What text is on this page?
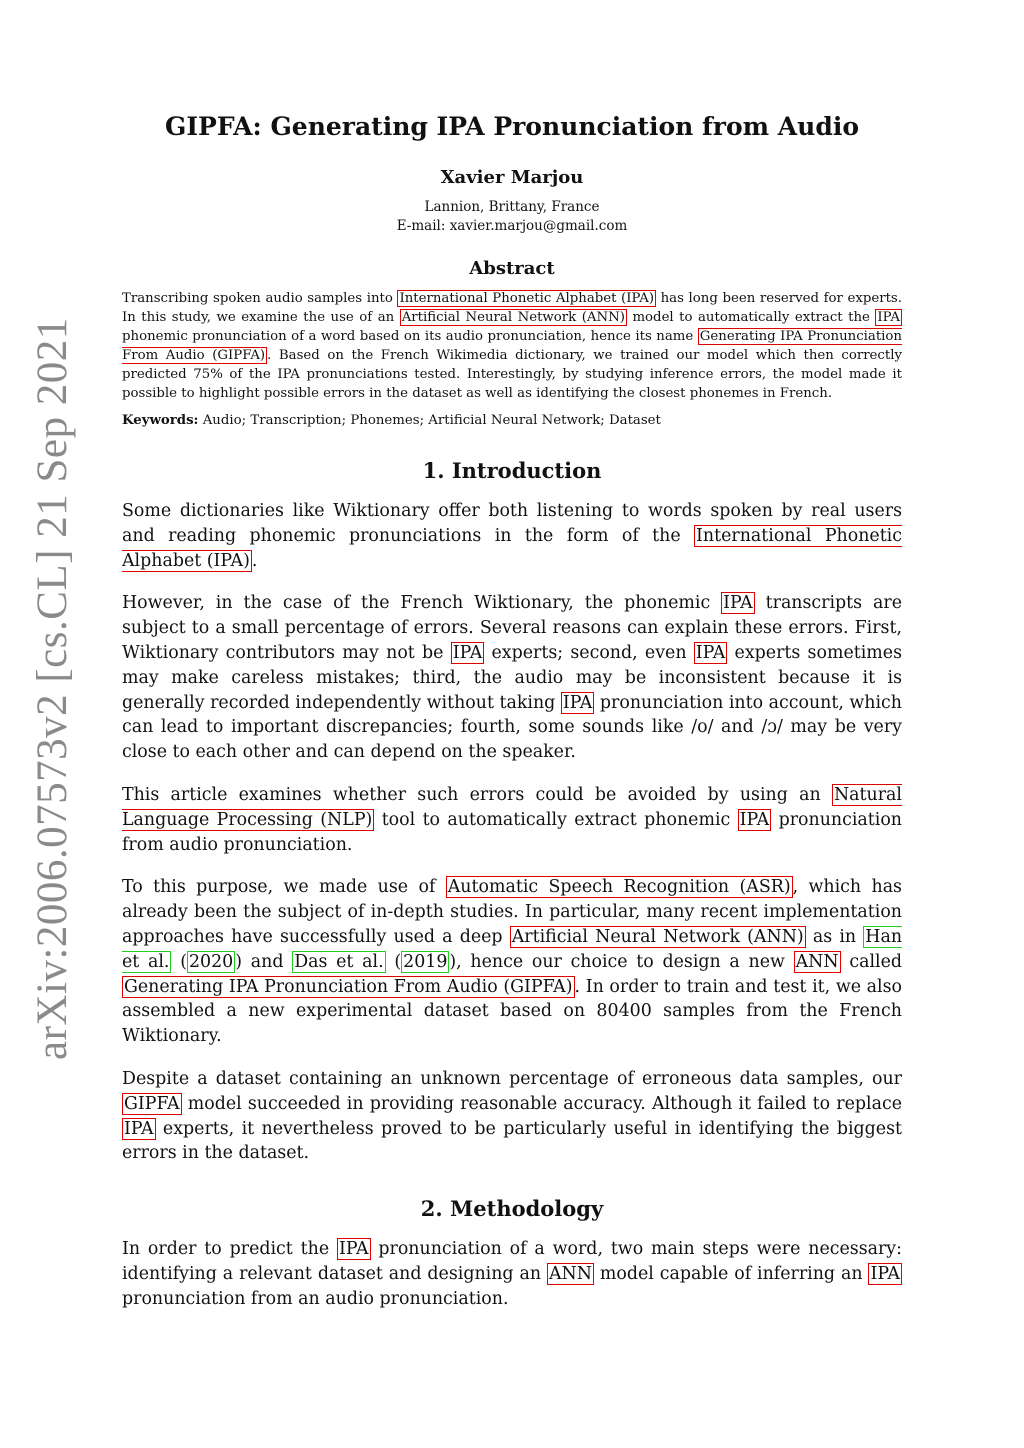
arXiv:2006.07573v2 [cs.CL] 21 Sep 2021
GIPFA: Generating IPA Pronunciation from Audio
Xavier Marjou
Lannion, Brittany, France
E-mail: xavier.marjou@gmail.com
Abstract
Transcribing spoken audio samples into International Phonetic Alphabet (IPA) has long been reserved for experts. In this study, we examine the use of an Artificial Neural Network (ANN) model to automatically extract the IPA phonemic pronunciation of a word based on its audio pronunciation, hence its name Generating IPA Pronunciation From Audio (GIPFA) . Based on the French Wikimedia dictionary, we trained our model which then correctly predicted 75% of the IPA pronunciations tested. Interestingly, by studying inference errors, the model made it possible to highlight possible errors in the dataset as well as identifying the closest phonemes in French.
Keywords: Audio; Transcription; Phonemes; Artificial Neural Network; Dataset
1. Introduction

Some dictionaries like Wiktionary offer both listening to words spoken by real users and reading phonemic pronunciations in the form of the International Phonetic Alphabet (IPA) .

However, in the case of the French Wiktionary, the phonemic IPA transcripts are subject to a small percentage of errors. Several reasons can explain these errors. First, Wiktionary contributors may not be IPA experts; second, even IPA experts sometimes may make careless mistakes; third, the audio may be inconsistent because it is generally recorded independently without taking IPA pronunciation into account, which can lead to important discrepancies; fourth, some sounds like /o/ and /ɔ/ may be very close to each other and can depend on the speaker.

This article examines whether such errors could be avoided by using an Natural Language Processing (NLP) tool to automatically extract phonemic IPA pronunciation from audio pronunciation.

To this purpose, we made use of Automatic Speech Recognition (ASR) , which has already been the subject of in-depth studies. In particular, many recent implementation approaches have successfully used a deep Artificial Neural Network (ANN) as in Han et al. ( 2020 ) and Das et al. ( 2019 ), hence our choice to design a new ANN called Generating IPA Pronunciation From Audio (GIPFA) . In order to train and test it, we also assembled a new experimental dataset based on 80400 samples from the French Wiktionary.

Despite a dataset containing an unknown percentage of erroneous data samples, our GIPFA model succeeded in providing reasonable accuracy. Although it failed to replace IPA experts, it nevertheless proved to be particularly useful in identifying the biggest errors in the dataset.

2. Methodology

In order to predict the IPA pronunciation of a word, two main steps were necessary: identifying a relevant dataset and designing an ANN model capable of inferring an IPA pronunciation from an audio pronunciation.
